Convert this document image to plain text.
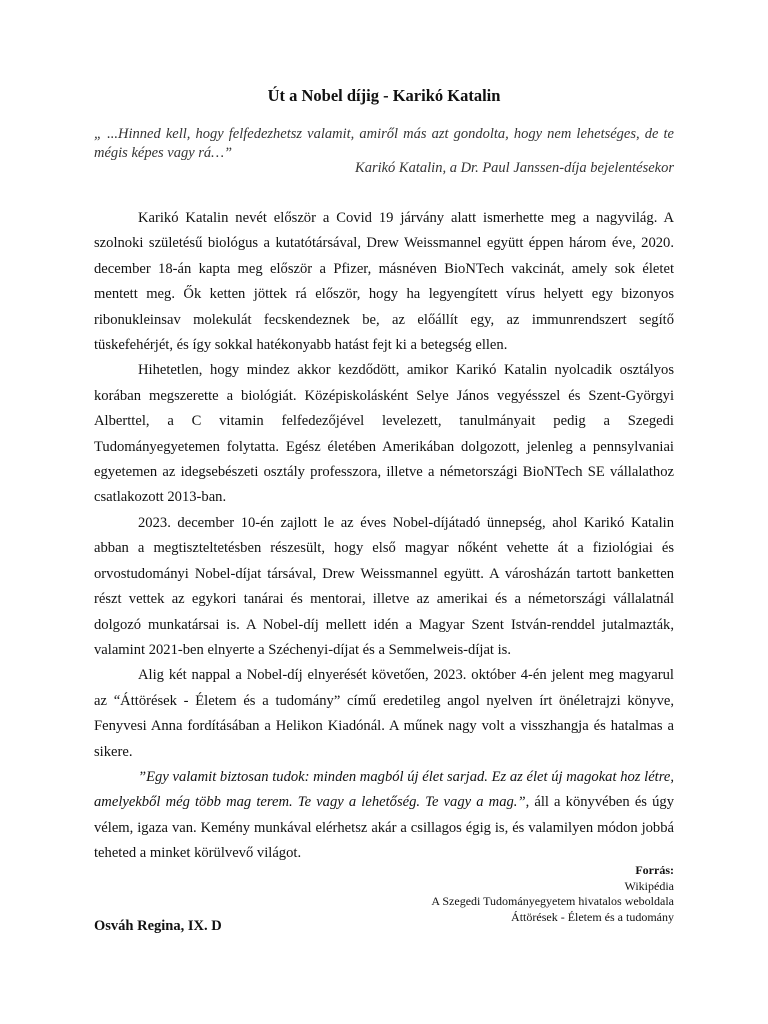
Út a Nobel díjig - Karikó Katalin
„ ...Hinned kell, hogy felfedezhetsz valamit, amiről más azt gondolta, hogy nem lehetséges, de te mégis képes vagy rá…”
Karikó Katalin, a Dr. Paul Janssen-díja bejelentésekor

Karikó Katalin nevét először a Covid 19 járvány alatt ismerhette meg a nagyvilág. A szolnoki születésű biológus a kutatótársával, Drew Weissmannel együtt éppen három éve, 2020. december 18-án kapta meg először a Pfizer, másnéven BioNTech vakcinát, amely sok életet mentett meg. Ők ketten jöttek rá először, hogy ha legyengített vírus helyett egy bizonyos ribonukleinsav molekulát fecskendeznek be, az előállít egy, az immunrendszert segítő tüskefehérjét, és így sokkal hatékonyabb hatást fejt ki a betegség ellen.

Hihetetlen, hogy mindez akkor kezdődött, amikor Karikó Katalin nyolcadik osztályos korában megszerette a biológiát. Középiskolásként Selye János vegyésszel és Szent-Györgyi Alberttel, a C vitamin felfedezőjével levelezett, tanulmányait pedig a Szegedi Tudományegyetemen folytatta. Egész életében Amerikában dolgozott, jelenleg a pennsylvaniai egyetemen az idegsebészeti osztály professzora, illetve a németországi BioNTech SE vállalathoz csatlakozott 2013-ban.

2023. december 10-én zajlott le az éves Nobel-díjátadó ünnepség, ahol Karikó Katalin abban a megtiszteltetésben részesült, hogy első magyar nőként vehette át a fiziológiai és orvostudományi Nobel-díjat társával, Drew Weissmannel együtt. A városházán tartott banketten részt vettek az egykori tanárai és mentorai, illetve az amerikai és a németországi vállalatnál dolgozó munkatársai is. A Nobel-díj mellett idén a Magyar Szent István-renddel jutalmazták, valamint 2021-ben elnyerte a Széchenyi-díjat és a Semmelweis-díjat is.

Alig két nappal a Nobel-díj elnyerését követően, 2023. október 4-én jelent meg magyarul az “Áttörések - Életem és a tudomány” című eredetileg angol nyelven írt önéletrajzi könyve, Fenyvesi Anna fordításában a Helikon Kiadónál. A műnek nagy volt a visszhangja és hatalmas a sikere.

”Egy valamit biztosan tudok: minden magból új élet sarjad. Ez az élet új magokat hoz létre, amelyekből még több mag terem. Te vagy a lehetőség. Te vagy a mag.”, áll a könyvében és úgy vélem, igaza van. Kemény munkával elérhetsz akár a csillagos égig is, és valamilyen módon jobbá teheted a minket körülvevő világot.

Forrás:
Wikipédia
A Szegedi Tudományegyetem hivatalos weboldala
Áttörések - Életem és a tudomány
Osváh Regina, IX. D
